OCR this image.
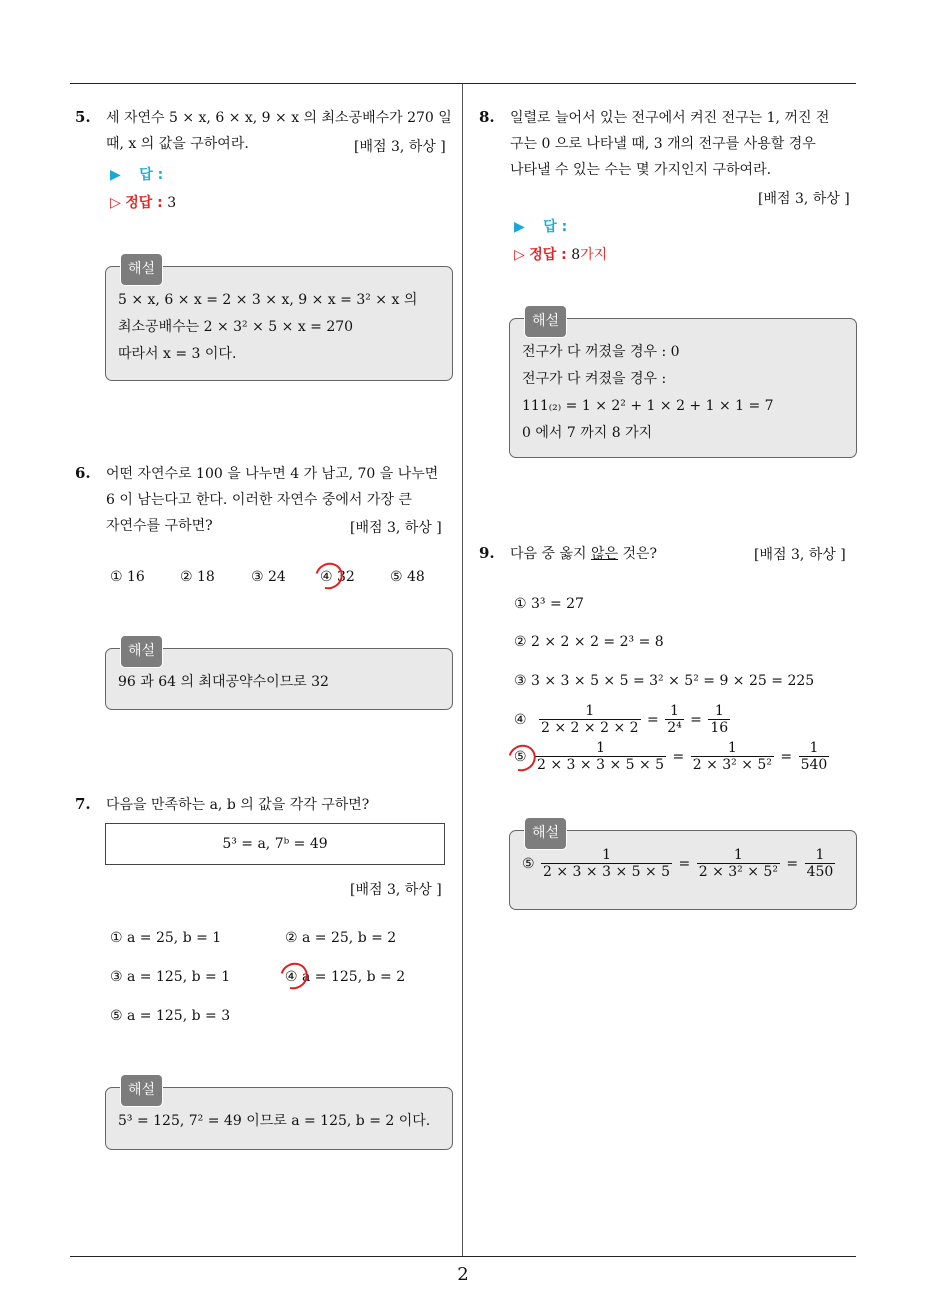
2
5. 세 자연수 5 × x, 6 × x, 9 × x 의 최소공배수가 270 일
때, x 의 값을 구하여라.	[배점 3, 하상 ]
▶ 답 :
▷ 정답 : 3
해설
5 × x, 6 × x = 2 × 3 × x, 9 × x = 3² × x 의
최소공배수는 2 × 3² × 5 × x = 270
따라서 x = 3 이다.
6. 어떤 자연수로 100 을 나누면 4 가 남고, 70 을 나누면
6 이 남는다고 한다. 이러한 자연수 중에서 가장 큰
자연수를 구하면?	[배점 3, 하상 ]
① 16	② 18	③ 24 ④ 32	⑤ 48
해설
96 과 64 의 최대공약수이므로 32
7. 다음을 만족하는 a, b 의 값을 각각 구하면?
5³ = a, 7ᵇ = 49
[배점 3, 하상 ]
① a = 25, b = 1	② a = 25, b = 2
③ a = 125, b = 1	④ a = 125, b = 2
⑤ a = 125, b = 3
해설
5³ = 125, 7² = 49 이므로 a = 125, b = 2 이다.
8. 일렬로 늘어서 있는 전구에서 켜진 전구는 1, 꺼진 전
구는 0 으로 나타낼 때, 3 개의 전구를 사용할 경우
나타낼 수 있는 수는 몇 가지인지 구하여라.
[배점 3, 하상 ]
▶ 답 :
▷ 정답 : 8가지
해설
전구가 다 꺼졌을 경우 : 0
전구가 다 켜졌을 경우 :
111₍₂₎ = 1 × 2² + 1 × 2 + 1 × 1 = 7
0 에서 7 까지 8 가지
9. 다음 중 옳지 않은 것은?	[배점 3, 하상 ]
① 3³ = 27
② 2 × 2 × 2 = 2³ = 8
③ 3 × 3 × 5 × 5 = 3² × 5² = 9 × 25 = 225
④ $\frac{1}{2 \times 2 \times 2 \times 2} = \frac{1}{\text{2⁴}} = \frac{1}{16}$
⑤ $\frac{1}{2 \times 3 \times 3 \times 5 \times 5} = \frac{1}{\text{2 × 3² × 5²}} = \frac{1}{540}$
해설
⑤ $\frac{1}{2 \times 3 \times 3 \times 5 \times 5} = \frac{1}{\text{2 × 3² × 5²}} = \frac{1}{450}$
